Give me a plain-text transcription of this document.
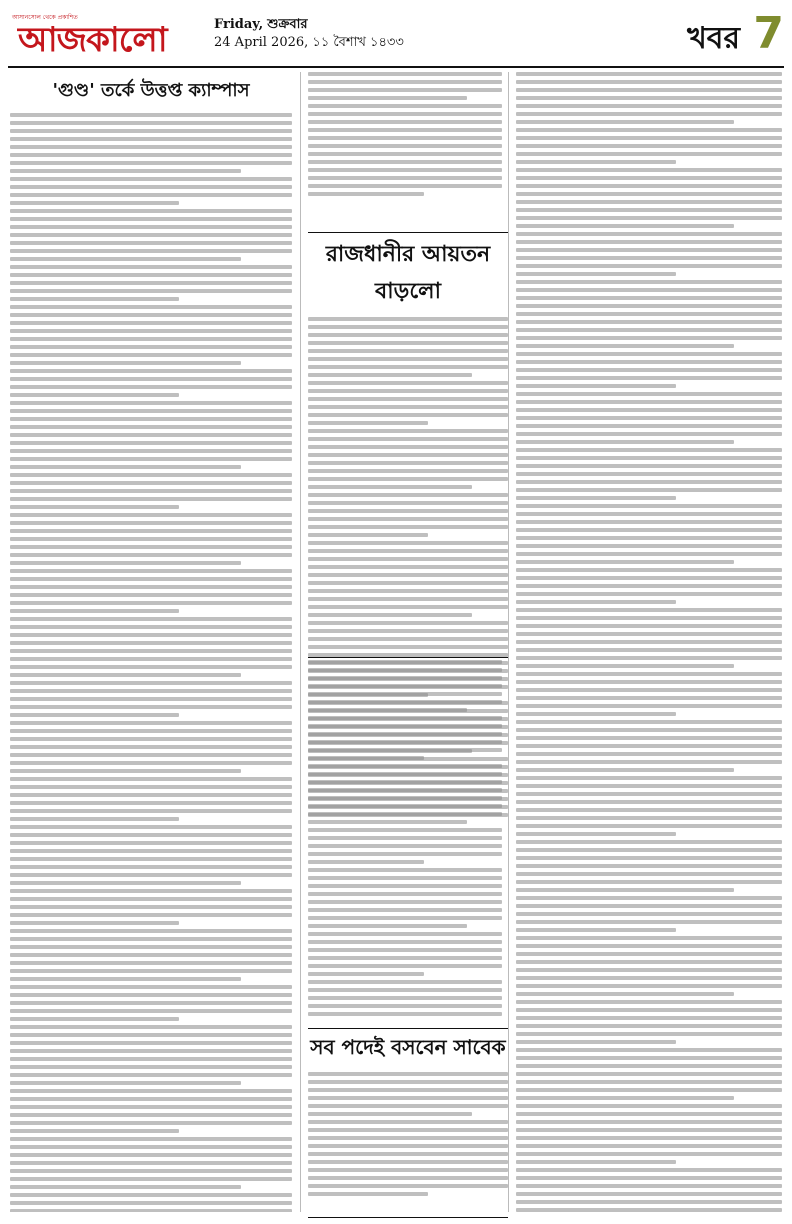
আসানসোল থেকে প্রকাশিত
আজকালো	Friday, শুক্রবার
24 April 2026, ১১ বৈশাখ ১৪৩৩	খবর 7
'গুণ্ড' তর্কে উত্তপ্ত ক্যাম্পাস
রাজধানীর আয়তন বাড়লো
সব পদেই বসবেন সাবেক
